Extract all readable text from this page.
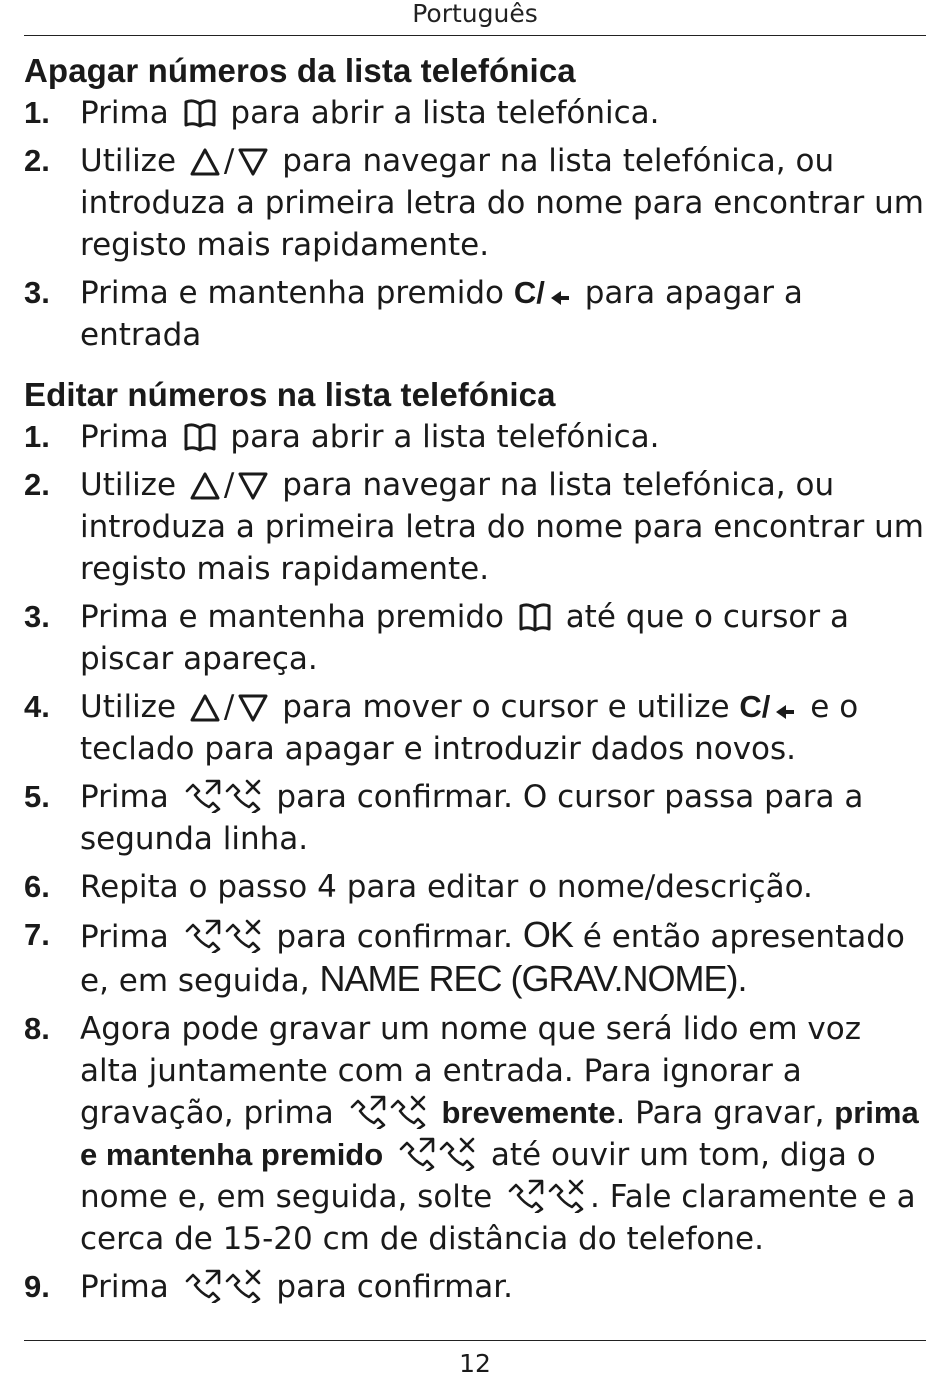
Português
Apagar números da lista telefónica
1. Prima para abrir a lista telefónica.
2. Utilize / para navegar na lista telefónica, ou introduza a primeira letra do nome para encontrar um registo mais rapidamente.
3. Prima e mantenha premido C/ para apagar a entrada
Editar números na lista telefónica
1. Prima para abrir a lista telefónica.
2. Utilize / para navegar na lista telefónica, ou introduza a primeira letra do nome para encontrar um registo mais rapidamente.
3. Prima e mantenha premido até que o cursor a piscar apareça.
4. Utilize / para mover o cursor e utilize C/ e o teclado para apagar e introduzir dados novos.
5. Prima	para confirmar. O cursor passa para a segunda linha.
6. Repita o passo 4 para editar o nome/descrição.
7. Prima	para confirmar. OK é então apresentado e, em seguida, NAME REC (GRAV.NOME).
8. Agora pode gravar um nome que será lido em voz alta juntamente com a entrada. Para ignorar a gravação, prima	brevemente. Para gravar, prima e mantenha premido	até ouvir um tom, diga o nome e, em seguida, solte	. Fale claramente e a cerca de 15-20 cm de distância do telefone.
9. Prima	para confirmar.
12
